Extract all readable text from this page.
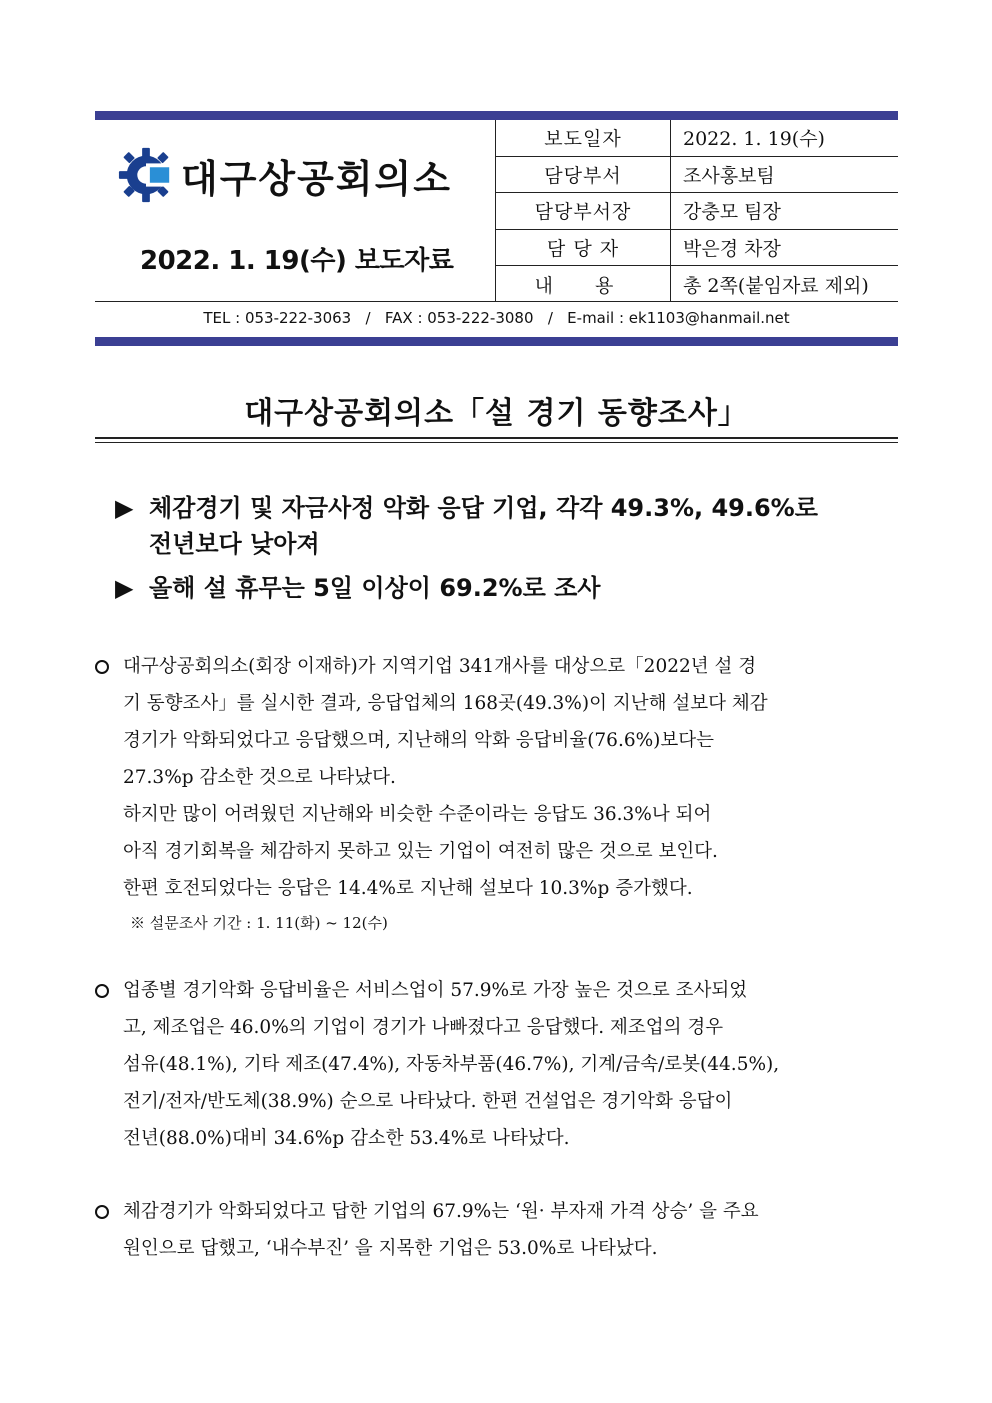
대구상공회의소
2022. 1. 19(수) 보도자료
보도일자	2022. 1. 19(수)
담당부서	조사홍보팀
담당부서장	강충모 팀장
담 당 자	박은경 차장
내 용	총 2쪽(붙임자료 제외)
TEL : 053-222-3063   /   FAX : 053-222-3080   /   E-mail : ek1103@hanmail.net
대구상공회의소「설 경기 동향조사」
▶ 체감경기 및 자금사정 악화 응답 기업, 각각 49.3%, 49.6%로
전년보다 낮아져
▶ 올해 설 휴무는 5일 이상이 69.2%로 조사
대구상공회의소(회장 이재하)가 지역기업 341개사를 대상으로「2022년 설 경
기 동향조사」를 실시한 결과, 응답업체의 168곳(49.3%)이 지난해 설보다 체감
경기가 악화되었다고 응답했으며, 지난해의 악화 응답비율(76.6%)보다는
27.3%p 감소한 것으로 나타났다.
하지만 많이 어려웠던 지난해와 비슷한 수준이라는 응답도 36.3%나 되어
아직 경기회복을 체감하지 못하고 있는 기업이 여전히 많은 것으로 보인다.
한편 호전되었다는 응답은 14.4%로 지난해 설보다 10.3%p 증가했다.
※ 설문조사 기간 : 1. 11(화) ~ 12(수)
업종별 경기악화 응답비율은 서비스업이 57.9%로 가장 높은 것으로 조사되었
고, 제조업은 46.0%의 기업이 경기가 나빠졌다고 응답했다. 제조업의 경우
섬유(48.1%), 기타 제조(47.4%), 자동차부품(46.7%), 기계/금속/로봇(44.5%),
전기/전자/반도체(38.9%) 순으로 나타났다. 한편 건설업은 경기악화 응답이
전년(88.0%)대비 34.6%p 감소한 53.4%로 나타났다.
체감경기가 악화되었다고 답한 기업의 67.9%는 ‘원· 부자재 가격 상승’ 을 주요
원인으로 답했고, ‘내수부진’ 을 지목한 기업은 53.0%로 나타났다.
